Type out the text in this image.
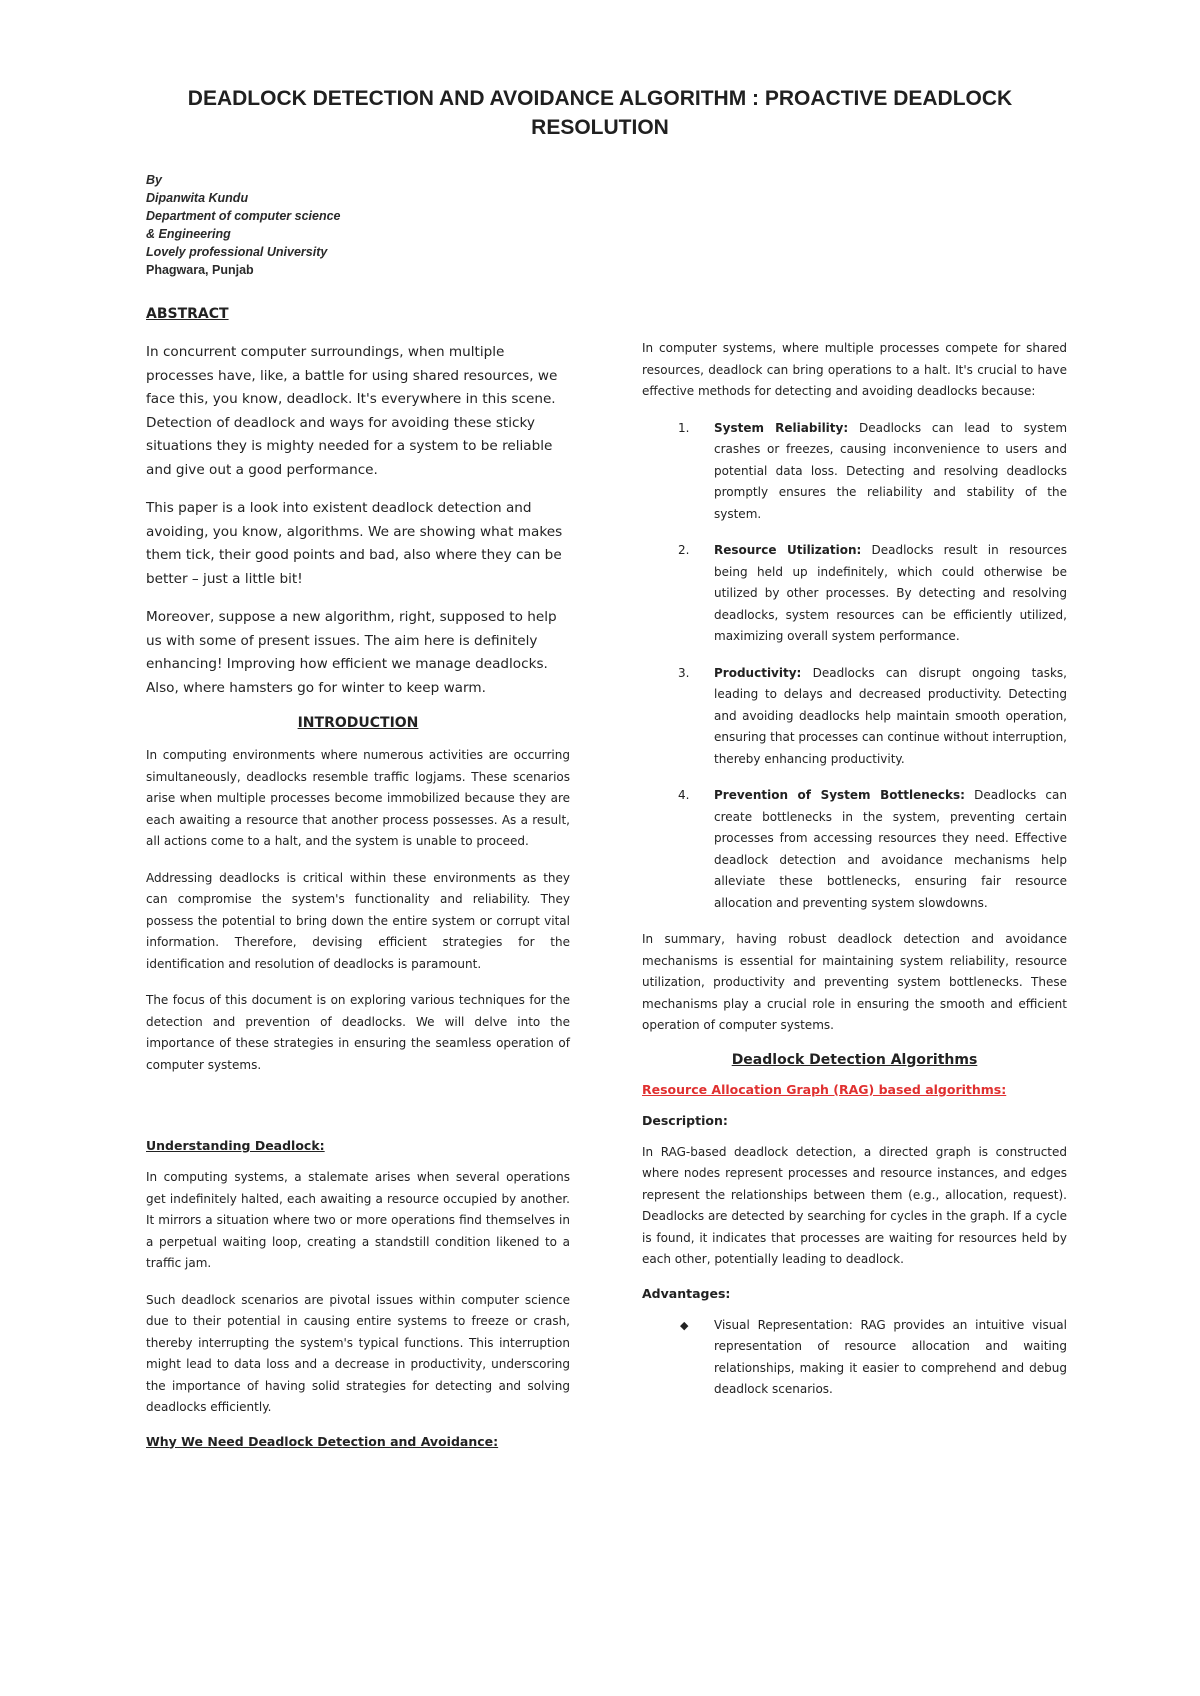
DEADLOCK DETECTION AND AVOIDANCE ALGORITHM : PROACTIVE DEADLOCK RESOLUTION
By
Dipanwita Kundu
Department of computer science
& Engineering
Lovely professional University
Phagwara, Punjab
ABSTRACT

In concurrent computer surroundings, when multiple processes have, like, a battle for using shared resources, we face this, you know, deadlock. It's everywhere in this scene. Detection of deadlock and ways for avoiding these sticky situations they is mighty needed for a system to be reliable and give out a good performance.

This paper is a look into existent deadlock detection and avoiding, you know, algorithms. We are showing what makes them tick, their good points and bad, also where they can be better – just a little bit!

Moreover, suppose a new algorithm, right, supposed to help us with some of present issues. The aim here is definitely enhancing! Improving how efficient we manage deadlocks. Also, where hamsters go for winter to keep warm.

INTRODUCTION

In computing environments where numerous activities are occurring simultaneously, deadlocks resemble traffic logjams. These scenarios arise when multiple processes become immobilized because they are each awaiting a resource that another process possesses. As a result, all actions come to a halt, and the system is unable to proceed.

Addressing deadlocks is critical within these environments as they can compromise the system's functionality and reliability. They possess the potential to bring down the entire system or corrupt vital information. Therefore, devising efficient strategies for the identification and resolution of deadlocks is paramount.

The focus of this document is on exploring various techniques for the detection and prevention of deadlocks. We will delve into the importance of these strategies in ensuring the seamless operation of computer systems.

Understanding Deadlock:

In computing systems, a stalemate arises when several operations get indefinitely halted, each awaiting a resource occupied by another. It mirrors a situation where two or more operations find themselves in a perpetual waiting loop, creating a standstill condition likened to a traffic jam.

Such deadlock scenarios are pivotal issues within computer science due to their potential in causing entire systems to freeze or crash, thereby interrupting the system's typical functions. This interruption might lead to data loss and a decrease in productivity, underscoring the importance of having solid strategies for detecting and solving deadlocks efficiently.

Why We Need Deadlock Detection and Avoidance:

In computer systems, where multiple processes compete for shared resources, deadlock can bring operations to a halt. It's crucial to have effective methods for detecting and avoiding deadlocks because:

1. System Reliability: Deadlocks can lead to system crashes or freezes, causing inconvenience to users and potential data loss. Detecting and resolving deadlocks promptly ensures the reliability and stability of the system.
2. Resource Utilization: Deadlocks result in resources being held up indefinitely, which could otherwise be utilized by other processes. By detecting and resolving deadlocks, system resources can be efficiently utilized, maximizing overall system performance.
3. Productivity: Deadlocks can disrupt ongoing tasks, leading to delays and decreased productivity. Detecting and avoiding deadlocks help maintain smooth operation, ensuring that processes can continue without interruption, thereby enhancing productivity.
4. Prevention of System Bottlenecks: Deadlocks can create bottlenecks in the system, preventing certain processes from accessing resources they need. Effective deadlock detection and avoidance mechanisms help alleviate these bottlenecks, ensuring fair resource allocation and preventing system slowdowns.

In summary, having robust deadlock detection and avoidance mechanisms is essential for maintaining system reliability, resource utilization, productivity and preventing system bottlenecks. These mechanisms play a crucial role in ensuring the smooth and efficient operation of computer systems.

Deadlock Detection Algorithms
Resource Allocation Graph (RAG) based algorithms:
Description:

In RAG-based deadlock detection, a directed graph is constructed where nodes represent processes and resource instances, and edges represent the relationships between them (e.g., allocation, request). Deadlocks are detected by searching for cycles in the graph. If a cycle is found, it indicates that processes are waiting for resources held by each other, potentially leading to deadlock.

Advantages:
◆ Visual Representation: RAG provides an intuitive visual representation of resource allocation and waiting relationships, making it easier to comprehend and debug deadlock scenarios.
